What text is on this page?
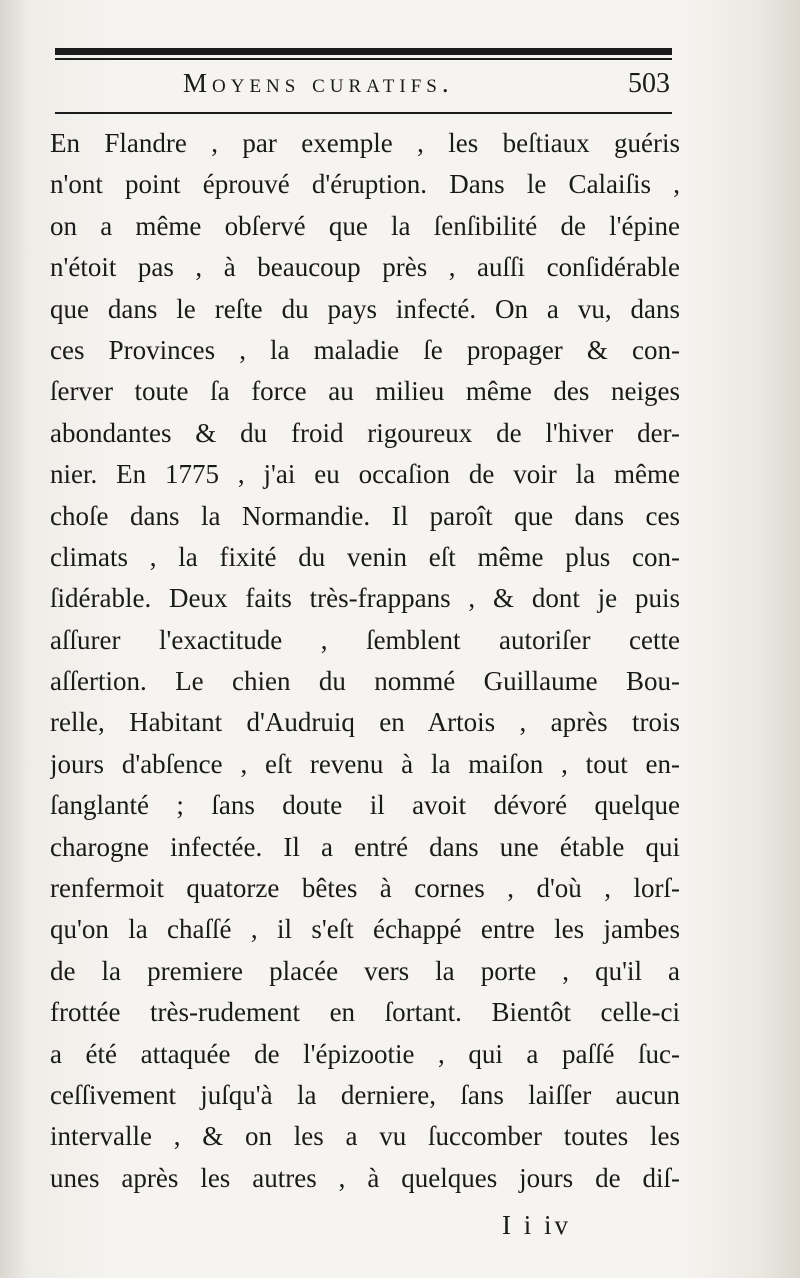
Moyens curatifs.	503
En Flandre , par exemple , les beſtiaux guéris
n'ont point éprouvé d'éruption. Dans le Calaiſis ,
on a même obſervé que la ſenſibilité de l'épine
n'étoit pas , à beaucoup près , auſſi conſidérable
que dans le reſte du pays infecté. On a vu, dans
ces Provinces , la maladie ſe propager & con-
ſerver toute ſa force au milieu même des neiges
abondantes & du froid rigoureux de l'hiver der-
nier. En 1775 , j'ai eu occaſion de voir la même
choſe dans la Normandie. Il paroît que dans ces
climats , la fixité du venin eſt même plus con-
ſidérable. Deux faits très-frappans , & dont je puis
aſſurer l'exactitude , ſemblent autoriſer cette
aſſertion. Le chien du nommé Guillaume Bou-
relle, Habitant d'Audruiq en Artois , après trois
jours d'abſence , eſt revenu à la maiſon , tout en-
ſanglanté ; ſans doute il avoit dévoré quelque
charogne infectée. Il a entré dans une étable qui
renfermoit quatorze bêtes à cornes , d'où , lorſ-
qu'on la chaſſé , il s'eſt échappé entre les jambes
de la premiere placée vers la porte , qu'il a
frottée très-rudement en ſortant. Bientôt celle-ci
a été attaquée de l'épizootie , qui a paſſé ſuc-
ceſſivement juſqu'à la derniere, ſans laiſſer aucun
intervalle , & on les a vu ſuccomber toutes les
unes après les autres , à quelques jours de diſ-
I i iv
